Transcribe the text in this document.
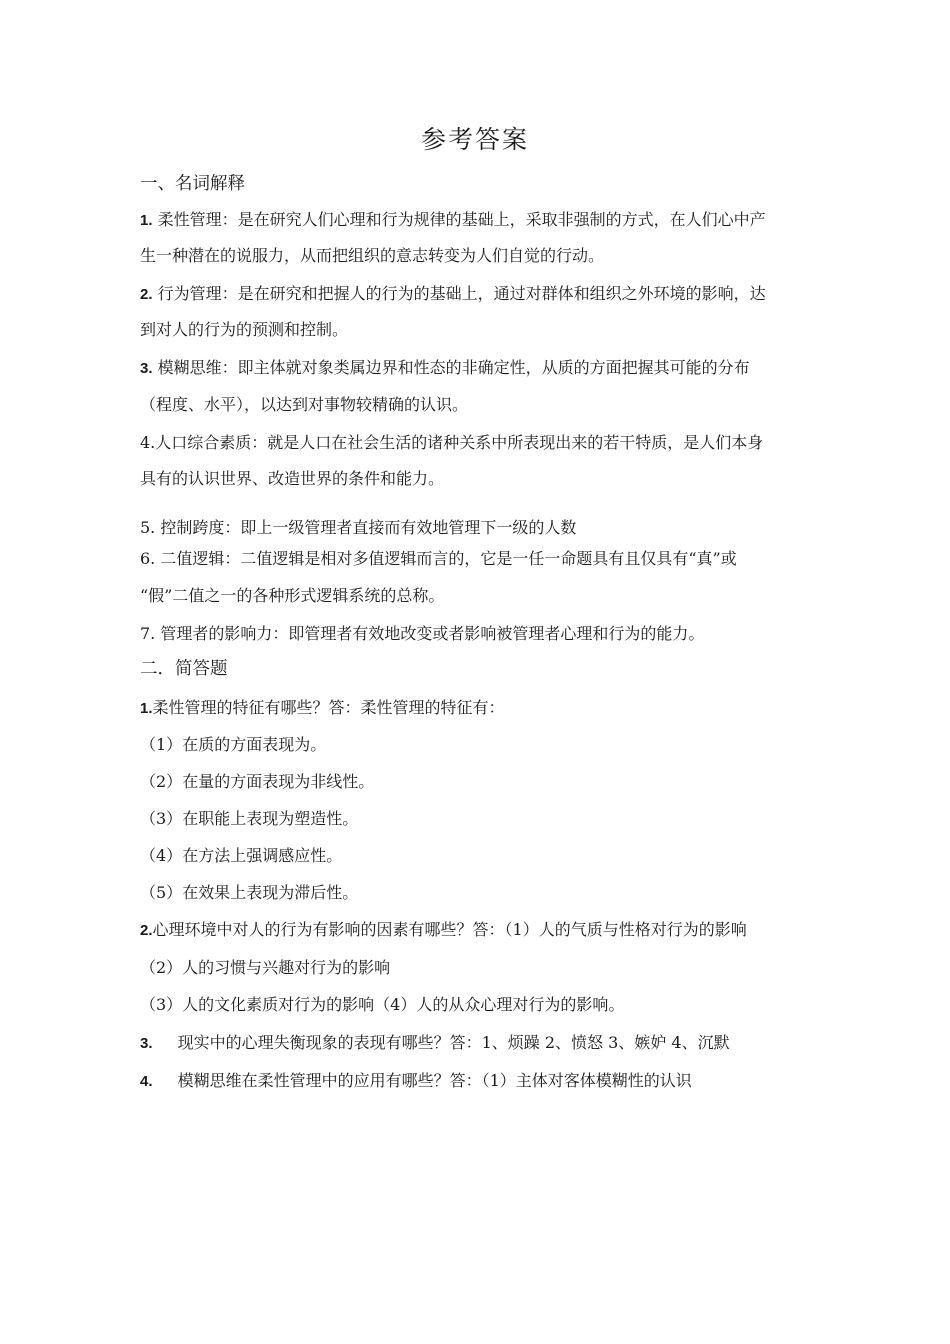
参考答案
一、名词解释
1. 柔性管理：是在研究人们心理和行为规律的基础上，采取非强制的方式，在人们心中产
生一种潜在的说服力，从而把组织的意志转变为人们自觉的行动。
2. 行为管理：是在研究和把握人的行为的基础上，通过对群体和组织之外环境的影响，达
到对人的行为的预测和控制。
3. 模糊思维：即主体就对象类属边界和性态的非确定性，从质的方面把握其可能的分布
（程度、水平），以达到对事物较精确的认识。
4.人口综合素质：就是人口在社会生活的诸种关系中所表现出来的若干特质，是人们本身
具有的认识世界、改造世界的条件和能力。
5. 控制跨度：即上一级管理者直接而有效地管理下一级的人数
6. 二值逻辑：二值逻辑是相对多值逻辑而言的，它是一任一命题具有且仅具有“真”或
“假”二值之一的各种形式逻辑系统的总称。
7. 管理者的影响力：即管理者有效地改变或者影响被管理者心理和行为的能力。
二．简答题
1.柔性管理的特征有哪些？答：柔性管理的特征有：
（1）在质的方面表现为。
（2）在量的方面表现为非线性。
（3）在职能上表现为塑造性。
（4）在方法上强调感应性。
（5）在效果上表现为滞后性。
2.心理环境中对人的行为有影响的因素有哪些？答：（1）人的气质与性格对行为的影响
（2）人的习惯与兴趣对行为的影响
（3）人的文化素质对行为的影响（4）人的从众心理对行为的影响。
3. 现实中的心理失衡现象的表现有哪些？答：1、烦躁 2、愤怒 3、嫉妒 4、沉默
4. 模糊思维在柔性管理中的应用有哪些？答：（1）主体对客体模糊性的认识
